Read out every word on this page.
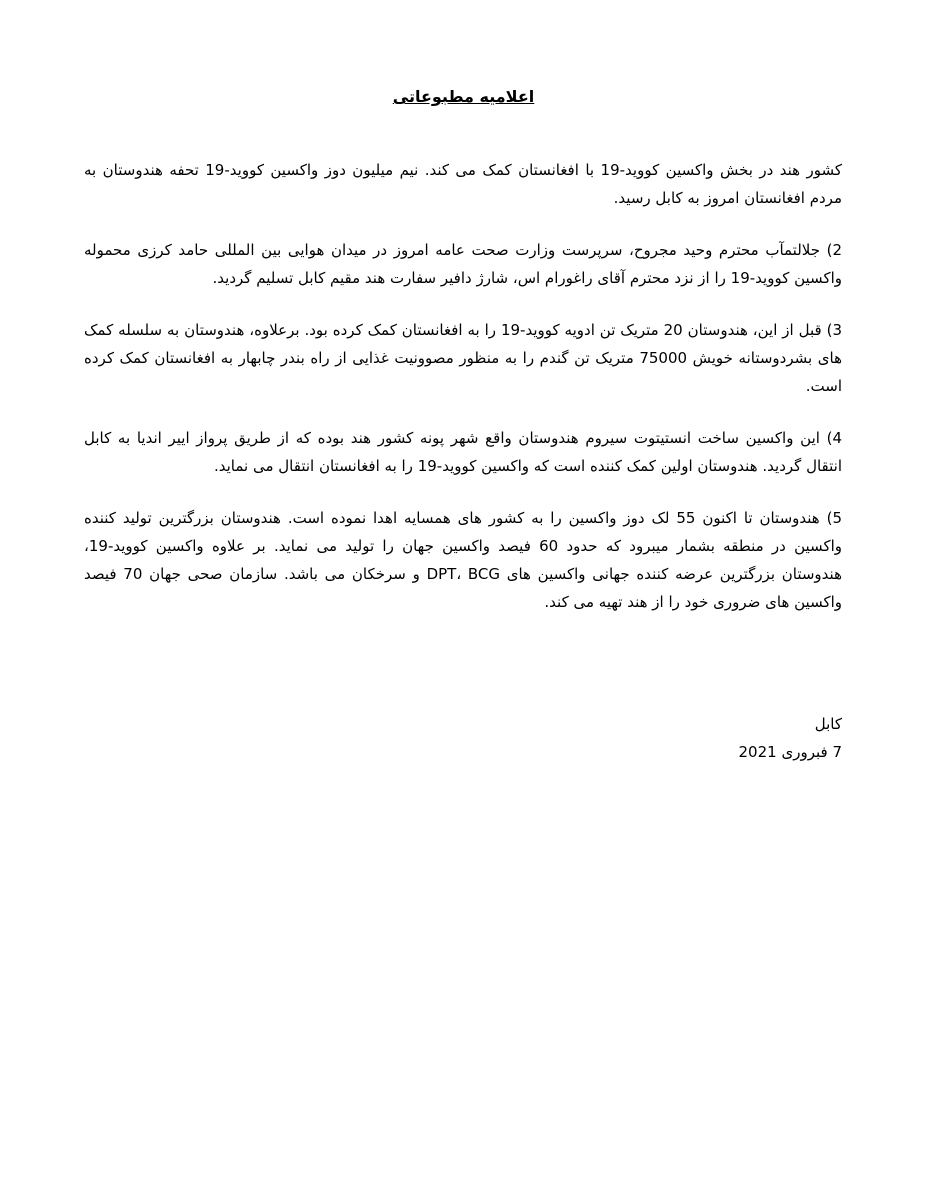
اعلامیه مطبوعاتی

کشور هند در بخش واکسین کووید-19 با افغانستان کمک می کند. نیم میلیون دوز واکسین کووید-19 تحفه هندوستان به مردم افغانستان امروز به کابل رسید.

2) جلالتمآب محترم وحید مجروح، سرپرست وزارت صحت عامه امروز در میدان هوایی بین المللی حامد کرزی محموله واکسین کووید-19 را از نزد محترم آقای راغورام اس، شارژ دافیر سفارت هند مقیم کابل تسلیم گردید.

3) قبل از این، هندوستان 20 متریک تن ادویه کووید-19 را به افغانستان کمک کرده بود. برعلاوه، هندوستان به سلسله کمک های بشردوستانه خویش 75000 متریک تن گندم را به منظور مصوونیت غذایی از راه بندر چابهار به افغانستان کمک کرده است.

4) این واکسین ساخت انستیتوت سیروم هندوستان واقع شهر پونه کشور هند بوده که از طریق پرواز اییر اندیا به کابل انتقال گردید. هندوستان اولین کمک کننده است که واکسین کووید-19 را به افغانستان انتقال می نماید.

5) هندوستان تا اکنون 55 لک دوز واکسین را به کشور های همسایه اهدا نموده است. هندوستان بزرگترین تولید کننده واکسین در منطقه بشمار میبرود که حدود 60 فیصد واکسین جهان را تولید می نماید. بر علاوه واکسین کووید-19، هندوستان بزرگترین عرضه کننده جهانی واکسین های DPT، BCG و سرخکان می باشد. سازمان صحی جهان 70 فیصد واکسین های ضروری خود را از هند تهیه می کند.

کابل
7 فبروری 2021
